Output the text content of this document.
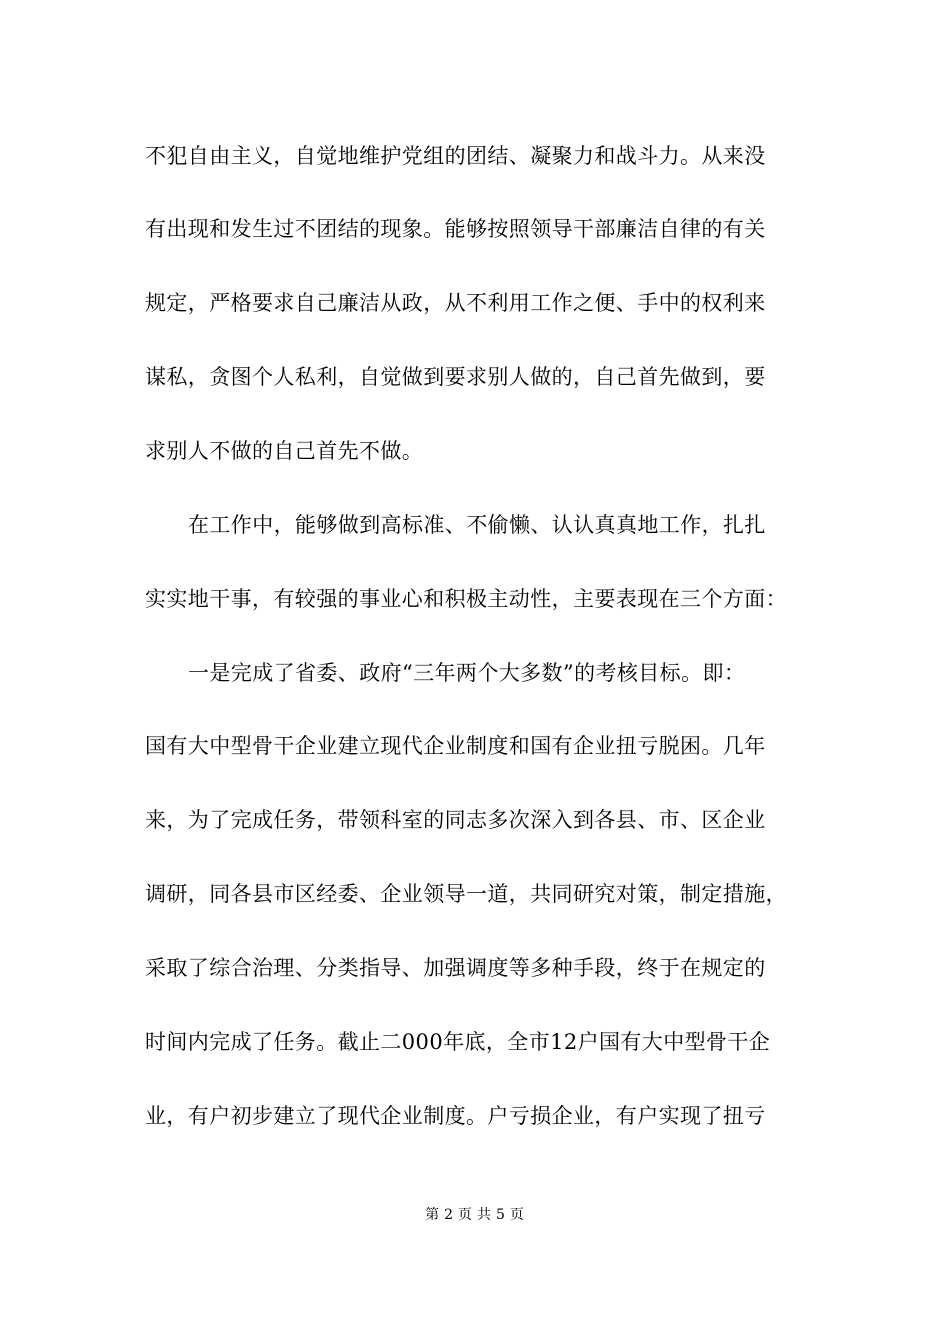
不犯自由主义，自觉地维护党组的团结、凝聚力和战斗力。从来没
有出现和发生过不团结的现象。能够按照领导干部廉洁自律的有关
规定，严格要求自己廉洁从政，从不利用工作之便、手中的权利来
谋私，贪图个人私利，自觉做到要求别人做的，自己首先做到，要
求别人不做的自己首先不做。
在工作中，能够做到高标准、不偷懒、认认真真地工作，扎扎
实实地干事，有较强的事业心和积极主动性，主要表现在三个方面：
一是完成了省委、政府“三年两个大多数”的考核目标。即：
国有大中型骨干企业建立现代企业制度和国有企业扭亏脱困。几年
来，为了完成任务，带领科室的同志多次深入到各县、市、区企业
调研，同各县市区经委、企业领导一道，共同研究对策，制定措施，
采取了综合治理、分类指导、加强调度等多种手段，终于在规定的
时间内完成了任务。截止二000年底，全市12户国有大中型骨干企
业，有户初步建立了现代企业制度。户亏损企业，有户实现了扭亏
第 2 页 共 5 页
